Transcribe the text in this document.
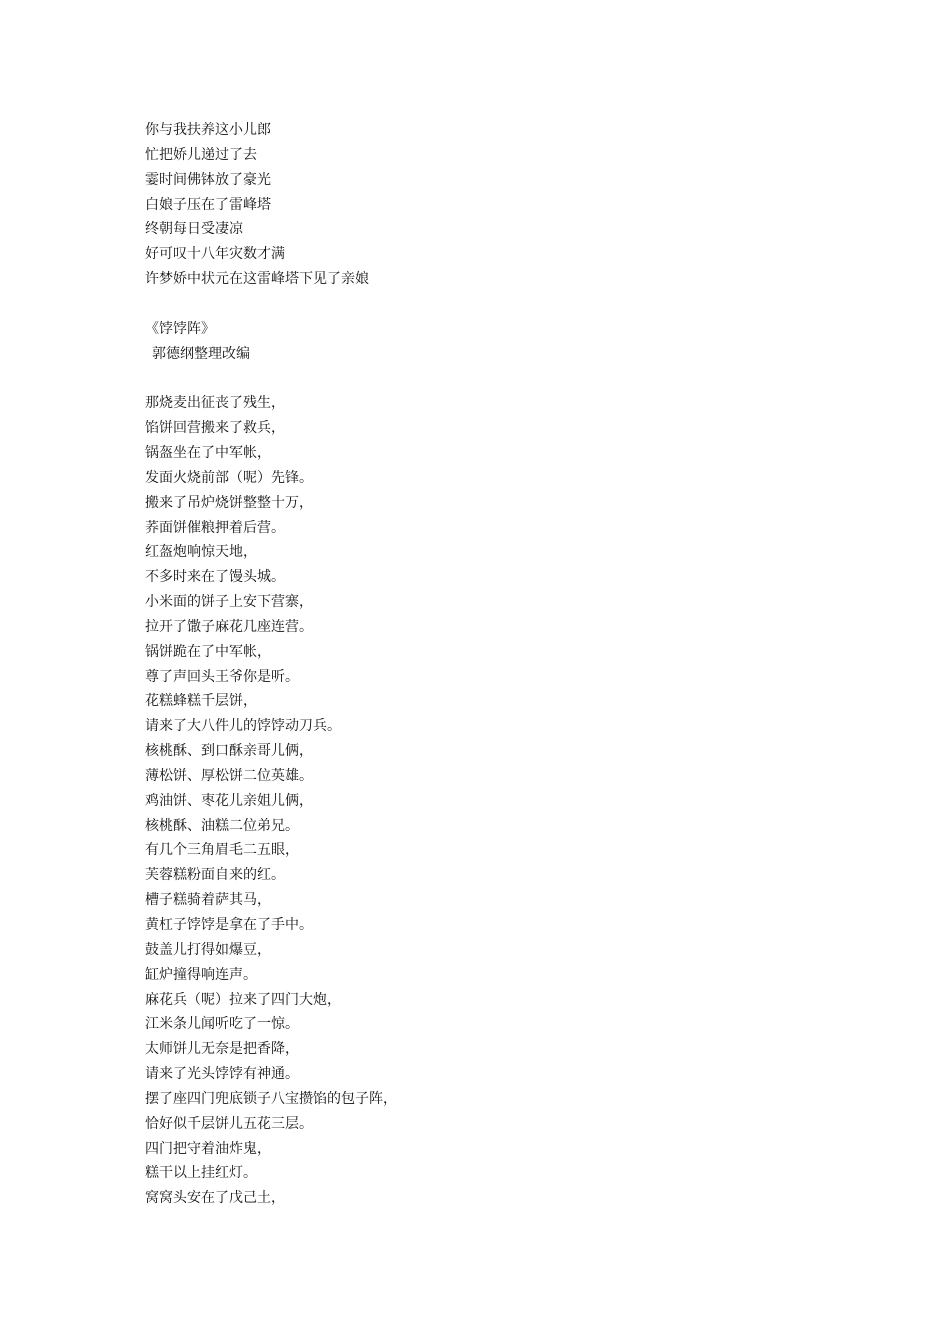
你与我扶养这小儿郎
忙把娇儿递过了去
霎时间佛钵放了豪光
白娘子压在了雷峰塔
终朝每日受凄凉
好可叹十八年灾数才满
许梦娇中状元在这雷峰塔下见了亲娘
《饽饽阵》
郭德纲整理改编
那烧麦出征丧了残生，
馅饼回营搬来了救兵，
锅盔坐在了中军帐，
发面火烧前部（呢）先锋。
搬来了吊炉烧饼整整十万，
荞面饼催粮押着后营。
红盔炮响惊天地，
不多时来在了馒头城。
小米面的饼子上安下营寨，
拉开了馓子麻花几座连营。
锅饼跪在了中军帐，
尊了声回头王爷你是听。
花糕蜂糕千层饼，
请来了大八件儿的饽饽动刀兵。
核桃酥、到口酥亲哥儿俩，
薄松饼、厚松饼二位英雄。
鸡油饼、枣花儿亲姐儿俩，
核桃酥、油糕二位弟兄。
有几个三角眉毛二五眼，
芙蓉糕粉面自来的红。
槽子糕骑着萨其马，
黄杠子饽饽是拿在了手中。
鼓盖儿打得如爆豆，
缸炉撞得响连声。
麻花兵（呢）拉来了四门大炮，
江米条儿闻听吃了一惊。
太师饼儿无奈是把香降，
请来了光头饽饽有神通。
摆了座四门兜底锁子八宝攒馅的包子阵，
恰好似千层饼儿五花三层。
四门把守着油炸鬼，
糕干以上挂红灯。
窝窝头安在了戊己土，
